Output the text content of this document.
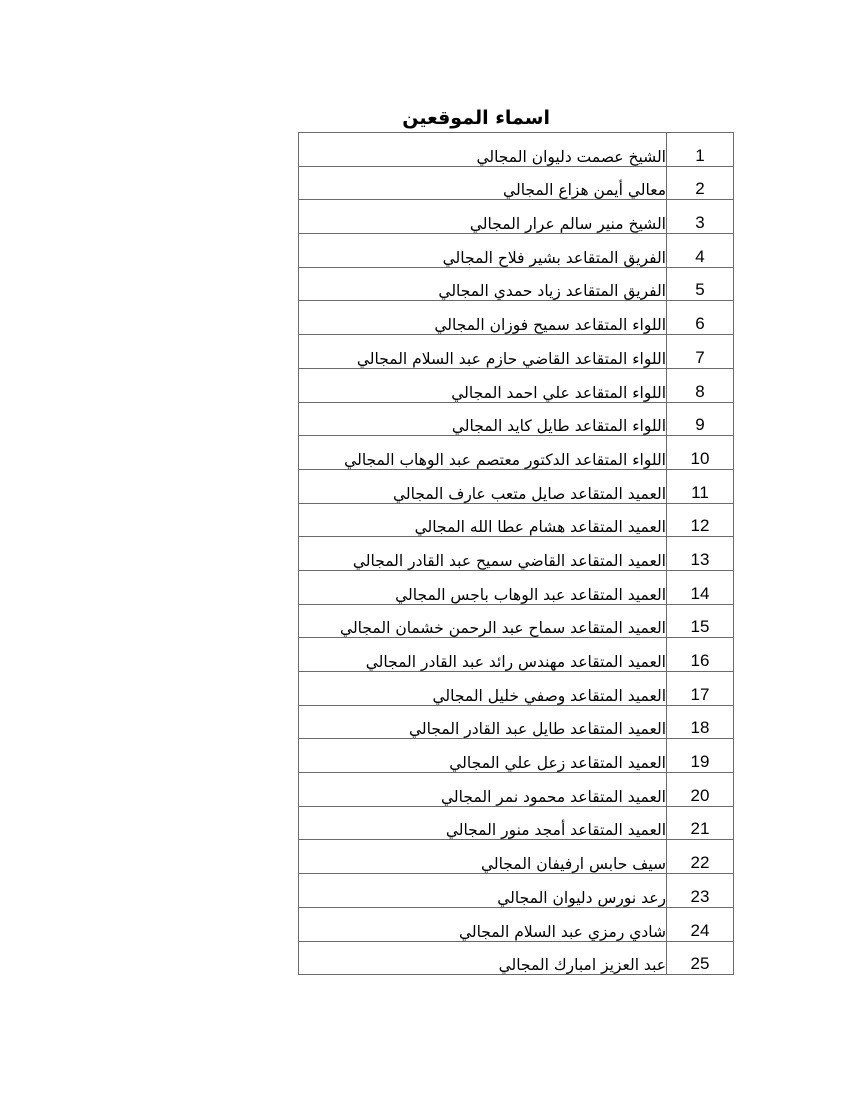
اسماء الموقعين
الشيخ عصمت دليوان المجالي	1
معالي أيمن هزاع المجالي	2
الشيخ منير سالم عرار المجالي	3
الفريق المتقاعد بشير فلاح المجالي	4
الفريق المتقاعد زياد حمدي المجالي	5
اللواء المتقاعد سميح فوزان المجالي	6
اللواء المتقاعد القاضي حازم عبد السلام المجالي	7
اللواء المتقاعد علي احمد المجالي	8
اللواء المتقاعد طايل كايد المجالي	9
اللواء المتقاعد الدكتور معتصم عبد الوهاب المجالي	10
العميد المتقاعد صايل متعب عارف المجالي	11
العميد المتقاعد هشام عطا الله المجالي	12
العميد المتقاعد القاضي سميح عبد القادر المجالي	13
العميد المتقاعد عبد الوهاب باجس المجالي	14
العميد المتقاعد سماح عبد الرحمن خشمان المجالي	15
العميد المتقاعد مهندس رائد عبد القادر المجالي	16
العميد المتقاعد وصفي خليل المجالي	17
العميد المتقاعد طايل عبد القادر المجالي	18
العميد المتقاعد زعل علي المجالي	19
العميد المتقاعد محمود نمر المجالي	20
العميد المتقاعد أمجد منور المجالي	21
سيف حابس ارفيفان المجالي	22
رعد نورس دليوان المجالي	23
شادي رمزي عبد السلام المجالي	24
عبد العزيز امبارك المجالي	25
